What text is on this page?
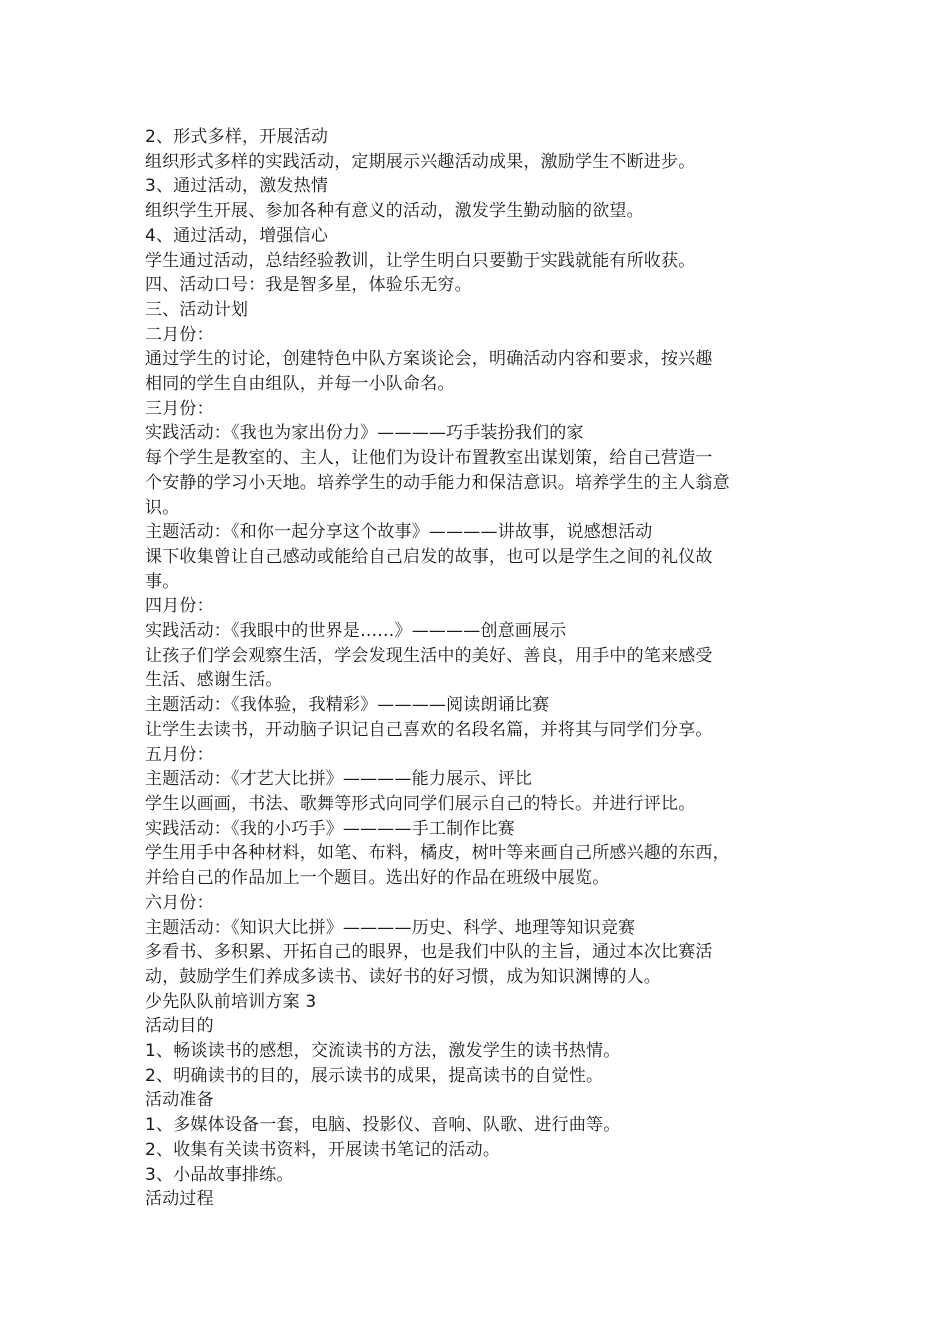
2、形式多样，开展活动
组织形式多样的实践活动，定期展示兴趣活动成果，激励学生不断进步。
3、通过活动，激发热情
组织学生开展、参加各种有意义的活动，激发学生勤动脑的欲望。
4、通过活动，增强信心
学生通过活动，总结经验教训，让学生明白只要勤于实践就能有所收获。
四、活动口号：我是智多星，体验乐无穷。
三、活动计划
二月份：
通过学生的讨论，创建特色中队方案谈论会，明确活动内容和要求，按兴趣
相同的学生自由组队，并每一小队命名。
三月份：
实践活动：《我也为家出份力》————巧手装扮我们的家
每个学生是教室的、主人，让他们为设计布置教室出谋划策，给自己营造一
个安静的学习小天地。培养学生的动手能力和保洁意识。培养学生的主人翁意
识。
主题活动：《和你一起分享这个故事》————讲故事，说感想活动
课下收集曾让自己感动或能给自己启发的故事，也可以是学生之间的礼仪故
事。
四月份：
实践活动：《我眼中的世界是……》————创意画展示
让孩子们学会观察生活，学会发现生活中的美好、善良，用手中的笔来感受
生活、感谢生活。
主题活动：《我体验，我精彩》————阅读朗诵比赛
让学生去读书，开动脑子识记自己喜欢的名段名篇，并将其与同学们分享。
五月份：
主题活动：《才艺大比拼》————能力展示、评比
学生以画画，书法、歌舞等形式向同学们展示自己的特长。并进行评比。
实践活动：《我的小巧手》————手工制作比赛
学生用手中各种材料，如笔、布料，橘皮，树叶等来画自己所感兴趣的东西，
并给自己的作品加上一个题目。选出好的作品在班级中展览。
六月份：
主题活动：《知识大比拼》————历史、科学、地理等知识竞赛
多看书、多积累、开拓自己的眼界，也是我们中队的主旨，通过本次比赛活
动，鼓励学生们养成多读书、读好书的好习惯，成为知识渊博的人。
少先队队前培训方案 3
活动目的
1、畅谈读书的感想，交流读书的方法，激发学生的读书热情。
2、明确读书的目的，展示读书的成果，提高读书的自觉性。
活动准备
1、多媒体设备一套，电脑、投影仪、音响、队歌、进行曲等。
2、收集有关读书资料，开展读书笔记的活动。
3、小品故事排练。
活动过程
